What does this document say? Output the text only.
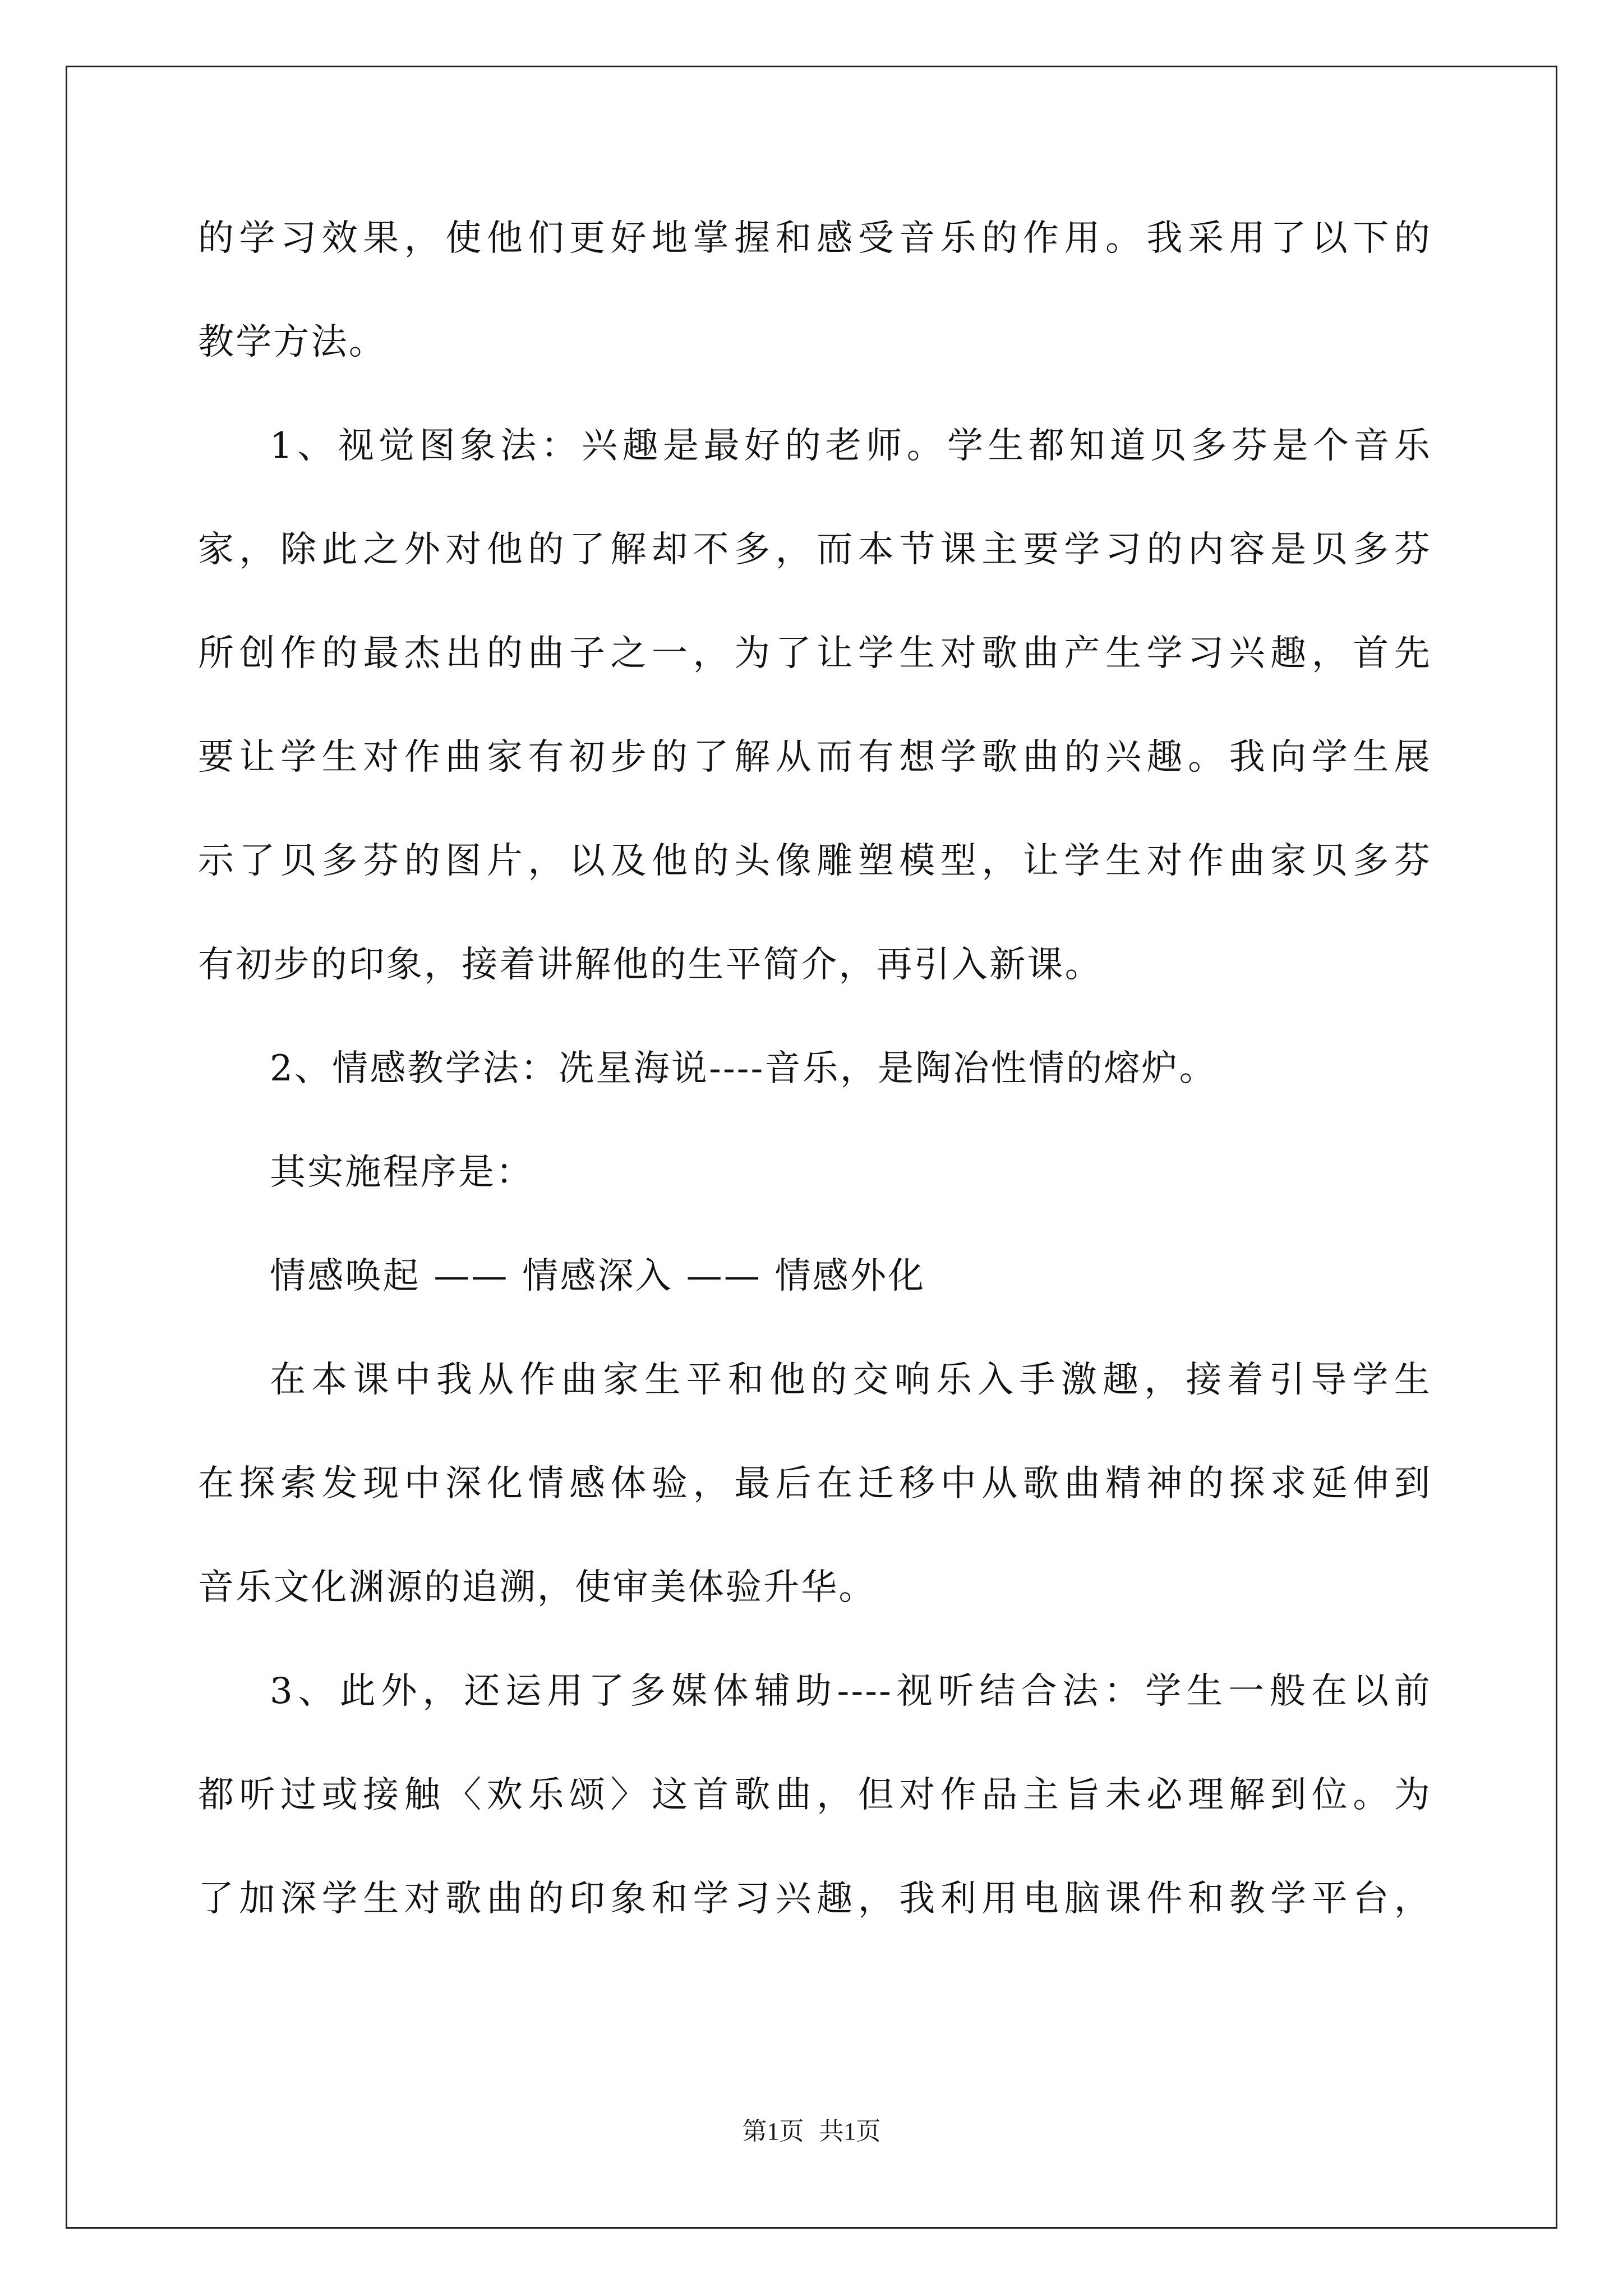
的学习效果，使他们更好地掌握和感受音乐的作用。我采用了以下的
教学方法。
1、视觉图象法：兴趣是最好的老师。学生都知道贝多芬是个音乐
家，除此之外对他的了解却不多，而本节课主要学习的内容是贝多芬
所创作的最杰出的曲子之一，为了让学生对歌曲产生学习兴趣，首先
要让学生对作曲家有初步的了解从而有想学歌曲的兴趣。我向学生展
示了贝多芬的图片，以及他的头像雕塑模型，让学生对作曲家贝多芬
有初步的印象，接着讲解他的生平简介，再引入新课。
2、情感教学法：冼星海说----音乐，是陶冶性情的熔炉。
其实施程序是：
情感唤起 —— 情感深入 —— 情感外化
在本课中我从作曲家生平和他的交响乐入手激趣，接着引导学生
在探索发现中深化情感体验，最后在迁移中从歌曲精神的探求延伸到
音乐文化渊源的追溯，使审美体验升华。
3、此外，还运用了多媒体辅助----视听结合法：学生一般在以前
都听过或接触〈欢乐颂〉这首歌曲，但对作品主旨未必理解到位。为
了加深学生对歌曲的印象和学习兴趣，我利用电脑课件和教学平台，
第1页 共1页
